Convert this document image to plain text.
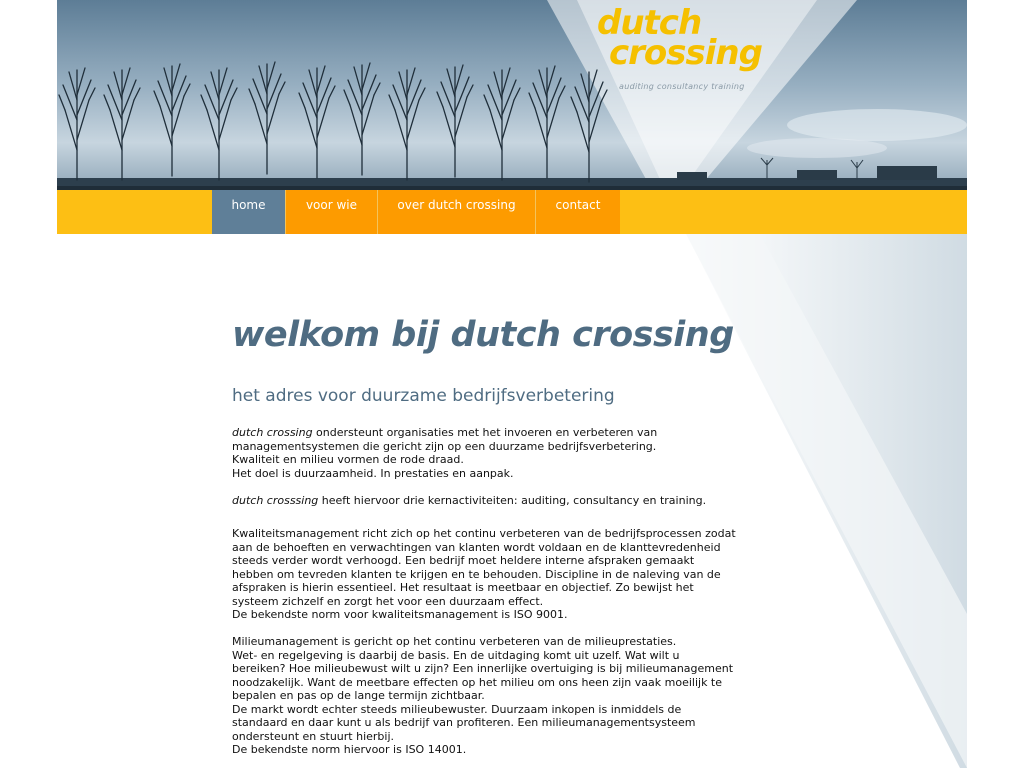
dutch
crossing
auditing consultancy training
home	voor wie	over dutch crossing	contact
welkom bij dutch crossing
het adres voor duurzame bedrijfsverbetering

dutch crossing ondersteunt organisaties met het invoeren en verbeteren van
managementsystemen die gericht zijn op een duurzame bedrijfsverbetering.
Kwaliteit en milieu vormen de rode draad.
Het doel is duurzaamheid. In prestaties en aanpak.

dutch crosssing heeft hiervoor drie kernactiviteiten: auditing, consultancy en training.

Kwaliteitsmanagement richt zich op het continu verbeteren van de bedrijfsprocessen zodat
aan de behoeften en verwachtingen van klanten wordt voldaan en de klanttevredenheid
steeds verder wordt verhoogd. Een bedrijf moet heldere interne afspraken gemaakt
hebben om tevreden klanten te krijgen en te behouden. Discipline in de naleving van de
afspraken is hierin essentieel. Het resultaat is meetbaar en objectief. Zo bewijst het
systeem zichzelf en zorgt het voor een duurzaam effect.
De bekendste norm voor kwaliteitsmanagement is ISO 9001.

Milieumanagement is gericht op het continu verbeteren van de milieuprestaties.
Wet- en regelgeving is daarbij de basis. En de uitdaging komt uit uzelf. Wat wilt u
bereiken? Hoe milieubewust wilt u zijn? Een innerlijke overtuiging is bij milieumanagement
noodzakelijk. Want de meetbare effecten op het milieu om ons heen zijn vaak moeilijk te
bepalen en pas op de lange termijn zichtbaar.
De markt wordt echter steeds milieubewuster. Duurzaam inkopen is inmiddels de
standaard en daar kunt u als bedrijf van profiteren. Een milieumanagementsysteem
ondersteunt en stuurt hierbij.
De bekendste norm hiervoor is ISO 14001.
